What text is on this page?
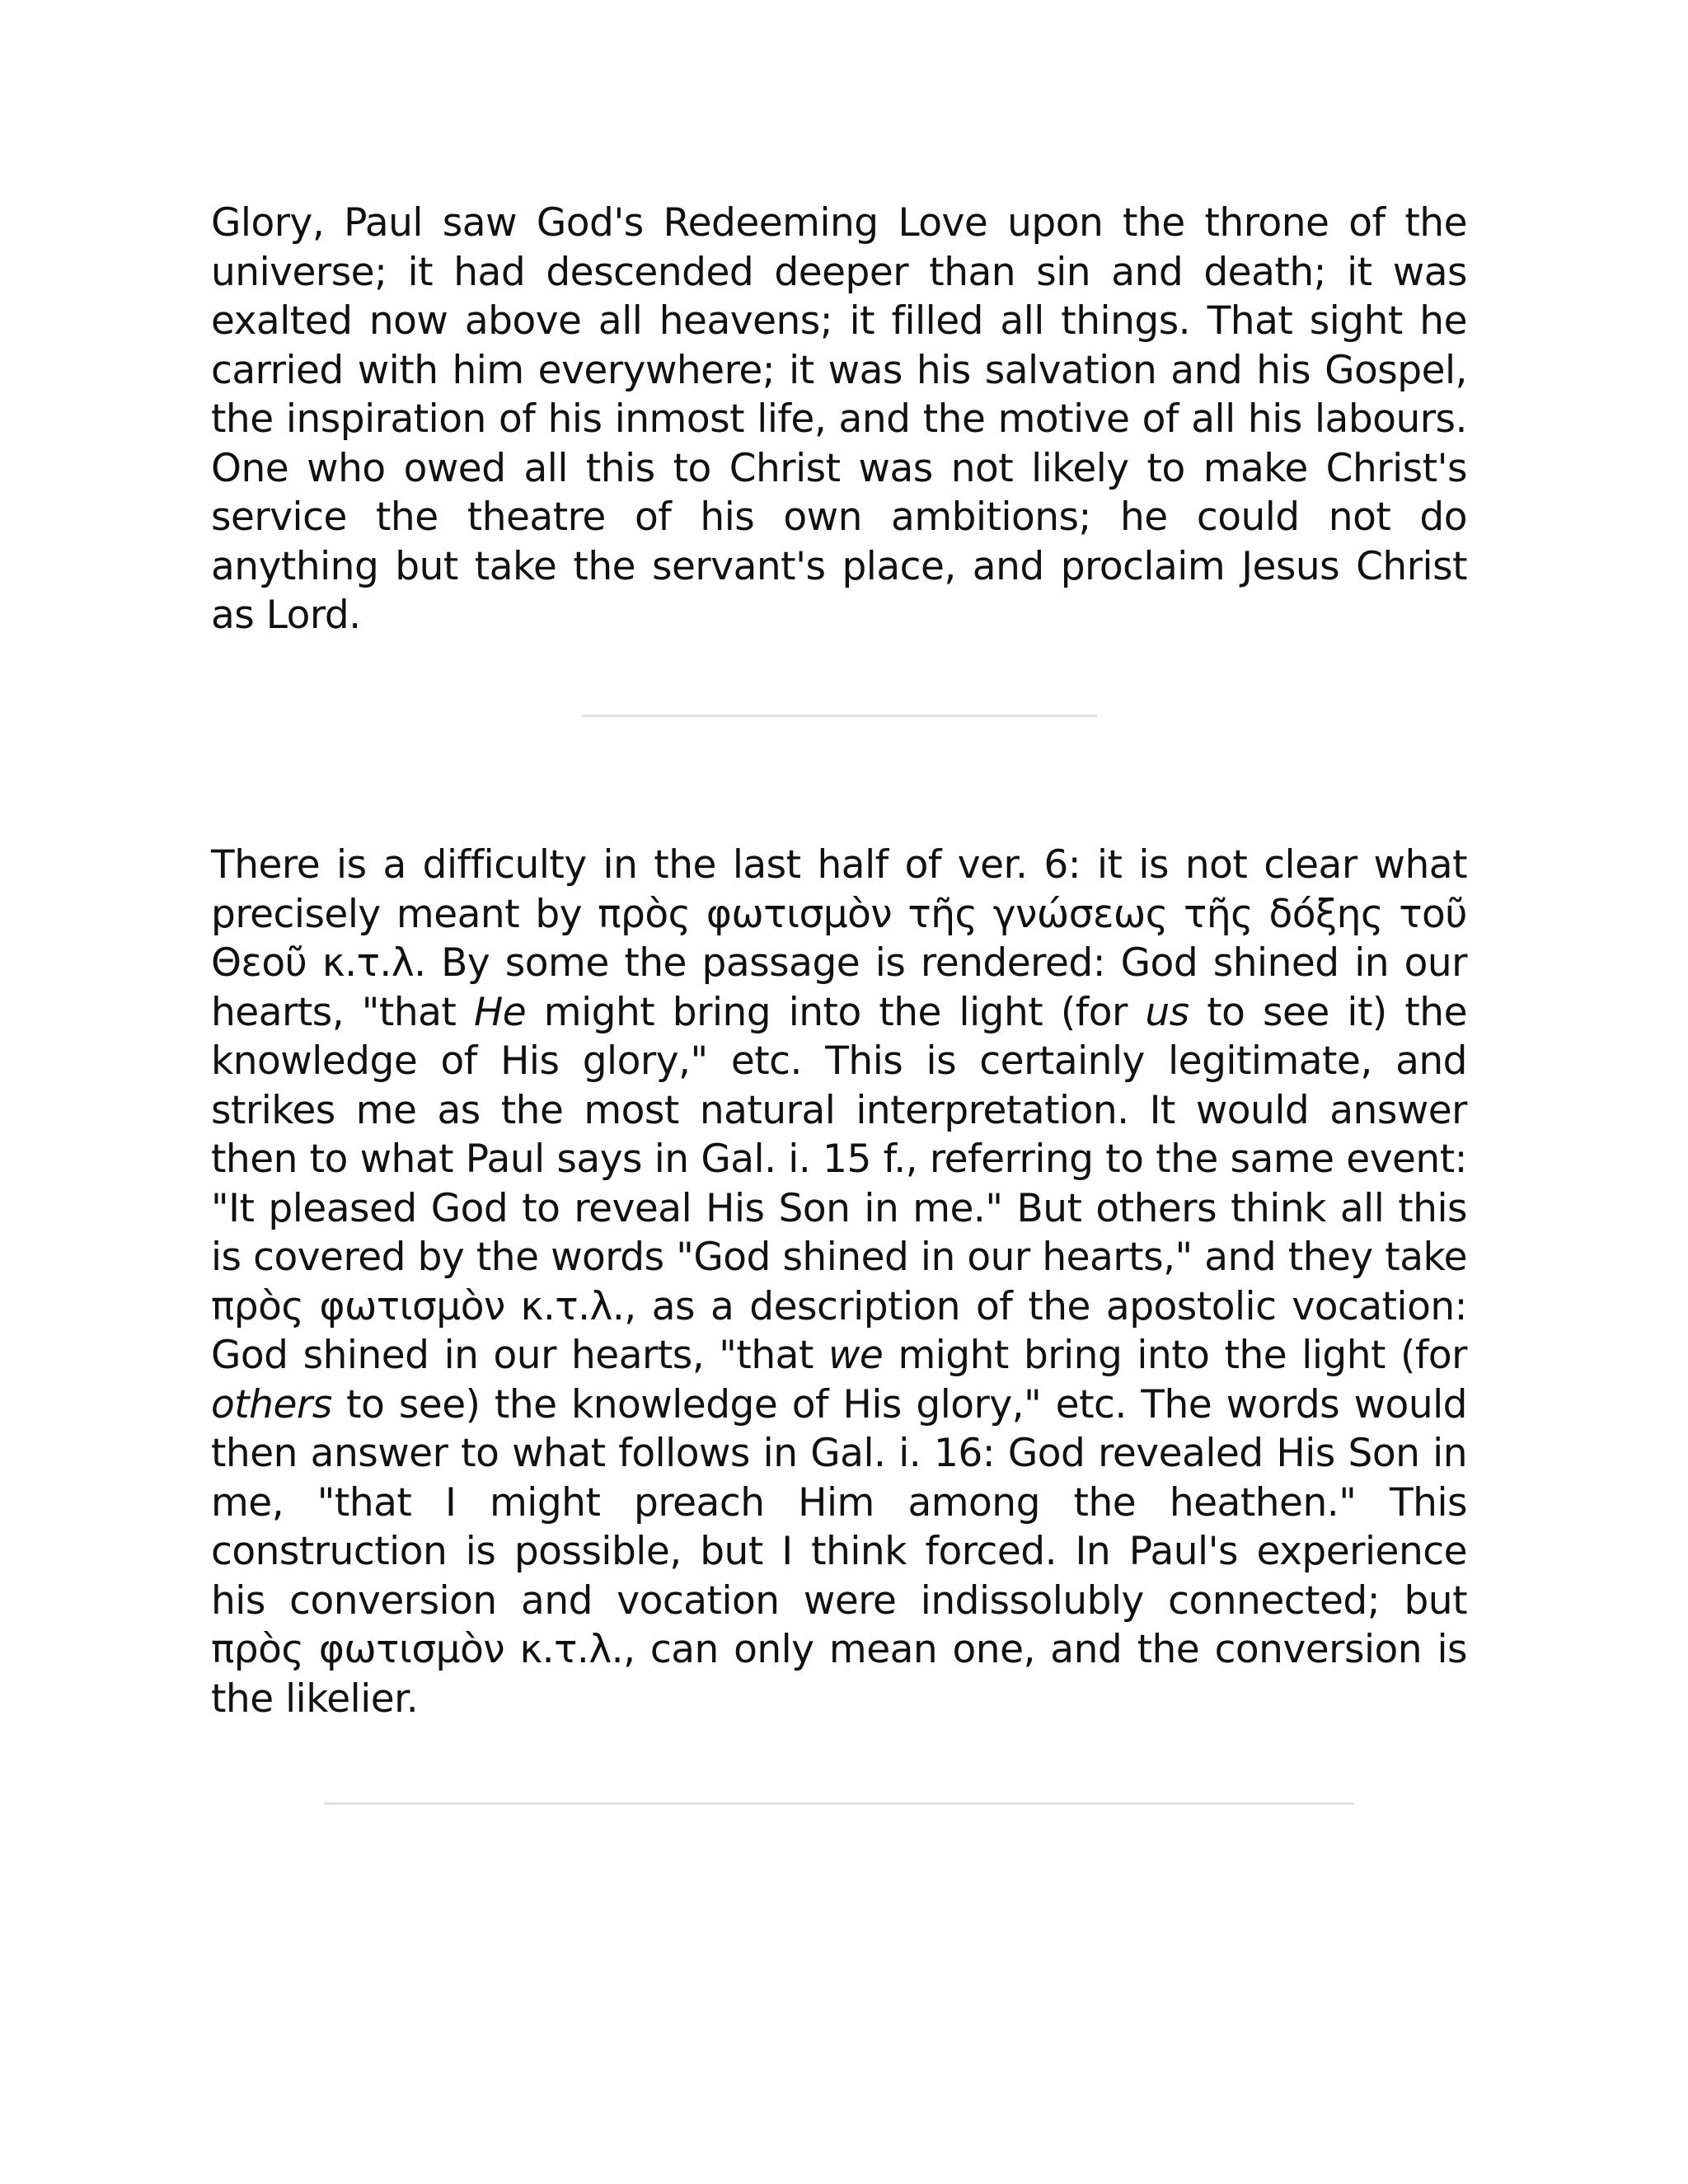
Glory, Paul saw God's Redeeming Love upon the throne of the universe; it had descended deeper than sin and death; it was exalted now above all heavens; it filled all things. That sight he carried with him everywhere; it was his salvation and his Gospel, the inspiration of his inmost life, and the motive of all his labours. One who owed all this to Christ was not likely to make Christ's service the theatre of his own ambitions; he could not do anything but take the servant's place, and proclaim Jesus Christ as Lord.

There is a difficulty in the last half of ver. 6: it is not clear what precisely meant by πρὸς φωτισμὸν τῆς γνώσεως τῆς δόξης τοῦ Θεοῦ κ.τ.λ. By some the passage is rendered: God shined in our hearts, "that He might bring into the light (for us to see it) the knowledge of His glory," etc. This is certainly legitimate, and strikes me as the most natural interpretation. It would answer then to what Paul says in Gal. i. 15 f., referring to the same event: "It pleased God to reveal His Son in me." But others think all this is covered by the words "God shined in our hearts," and they take πρὸς φωτισμὸν κ.τ.λ., as a description of the apostolic vocation: God shined in our hearts, "that we might bring into the light (for others to see) the knowledge of His glory," etc. The words would then answer to what follows in Gal. i. 16: God revealed His Son in me, "that I might preach Him among the heathen." This construction is possible, but I think forced. In Paul's experience his conversion and vocation were indissolubly connected; but πρὸς φωτισμὸν κ.τ.λ., can only mean one, and the conversion is the likelier.
